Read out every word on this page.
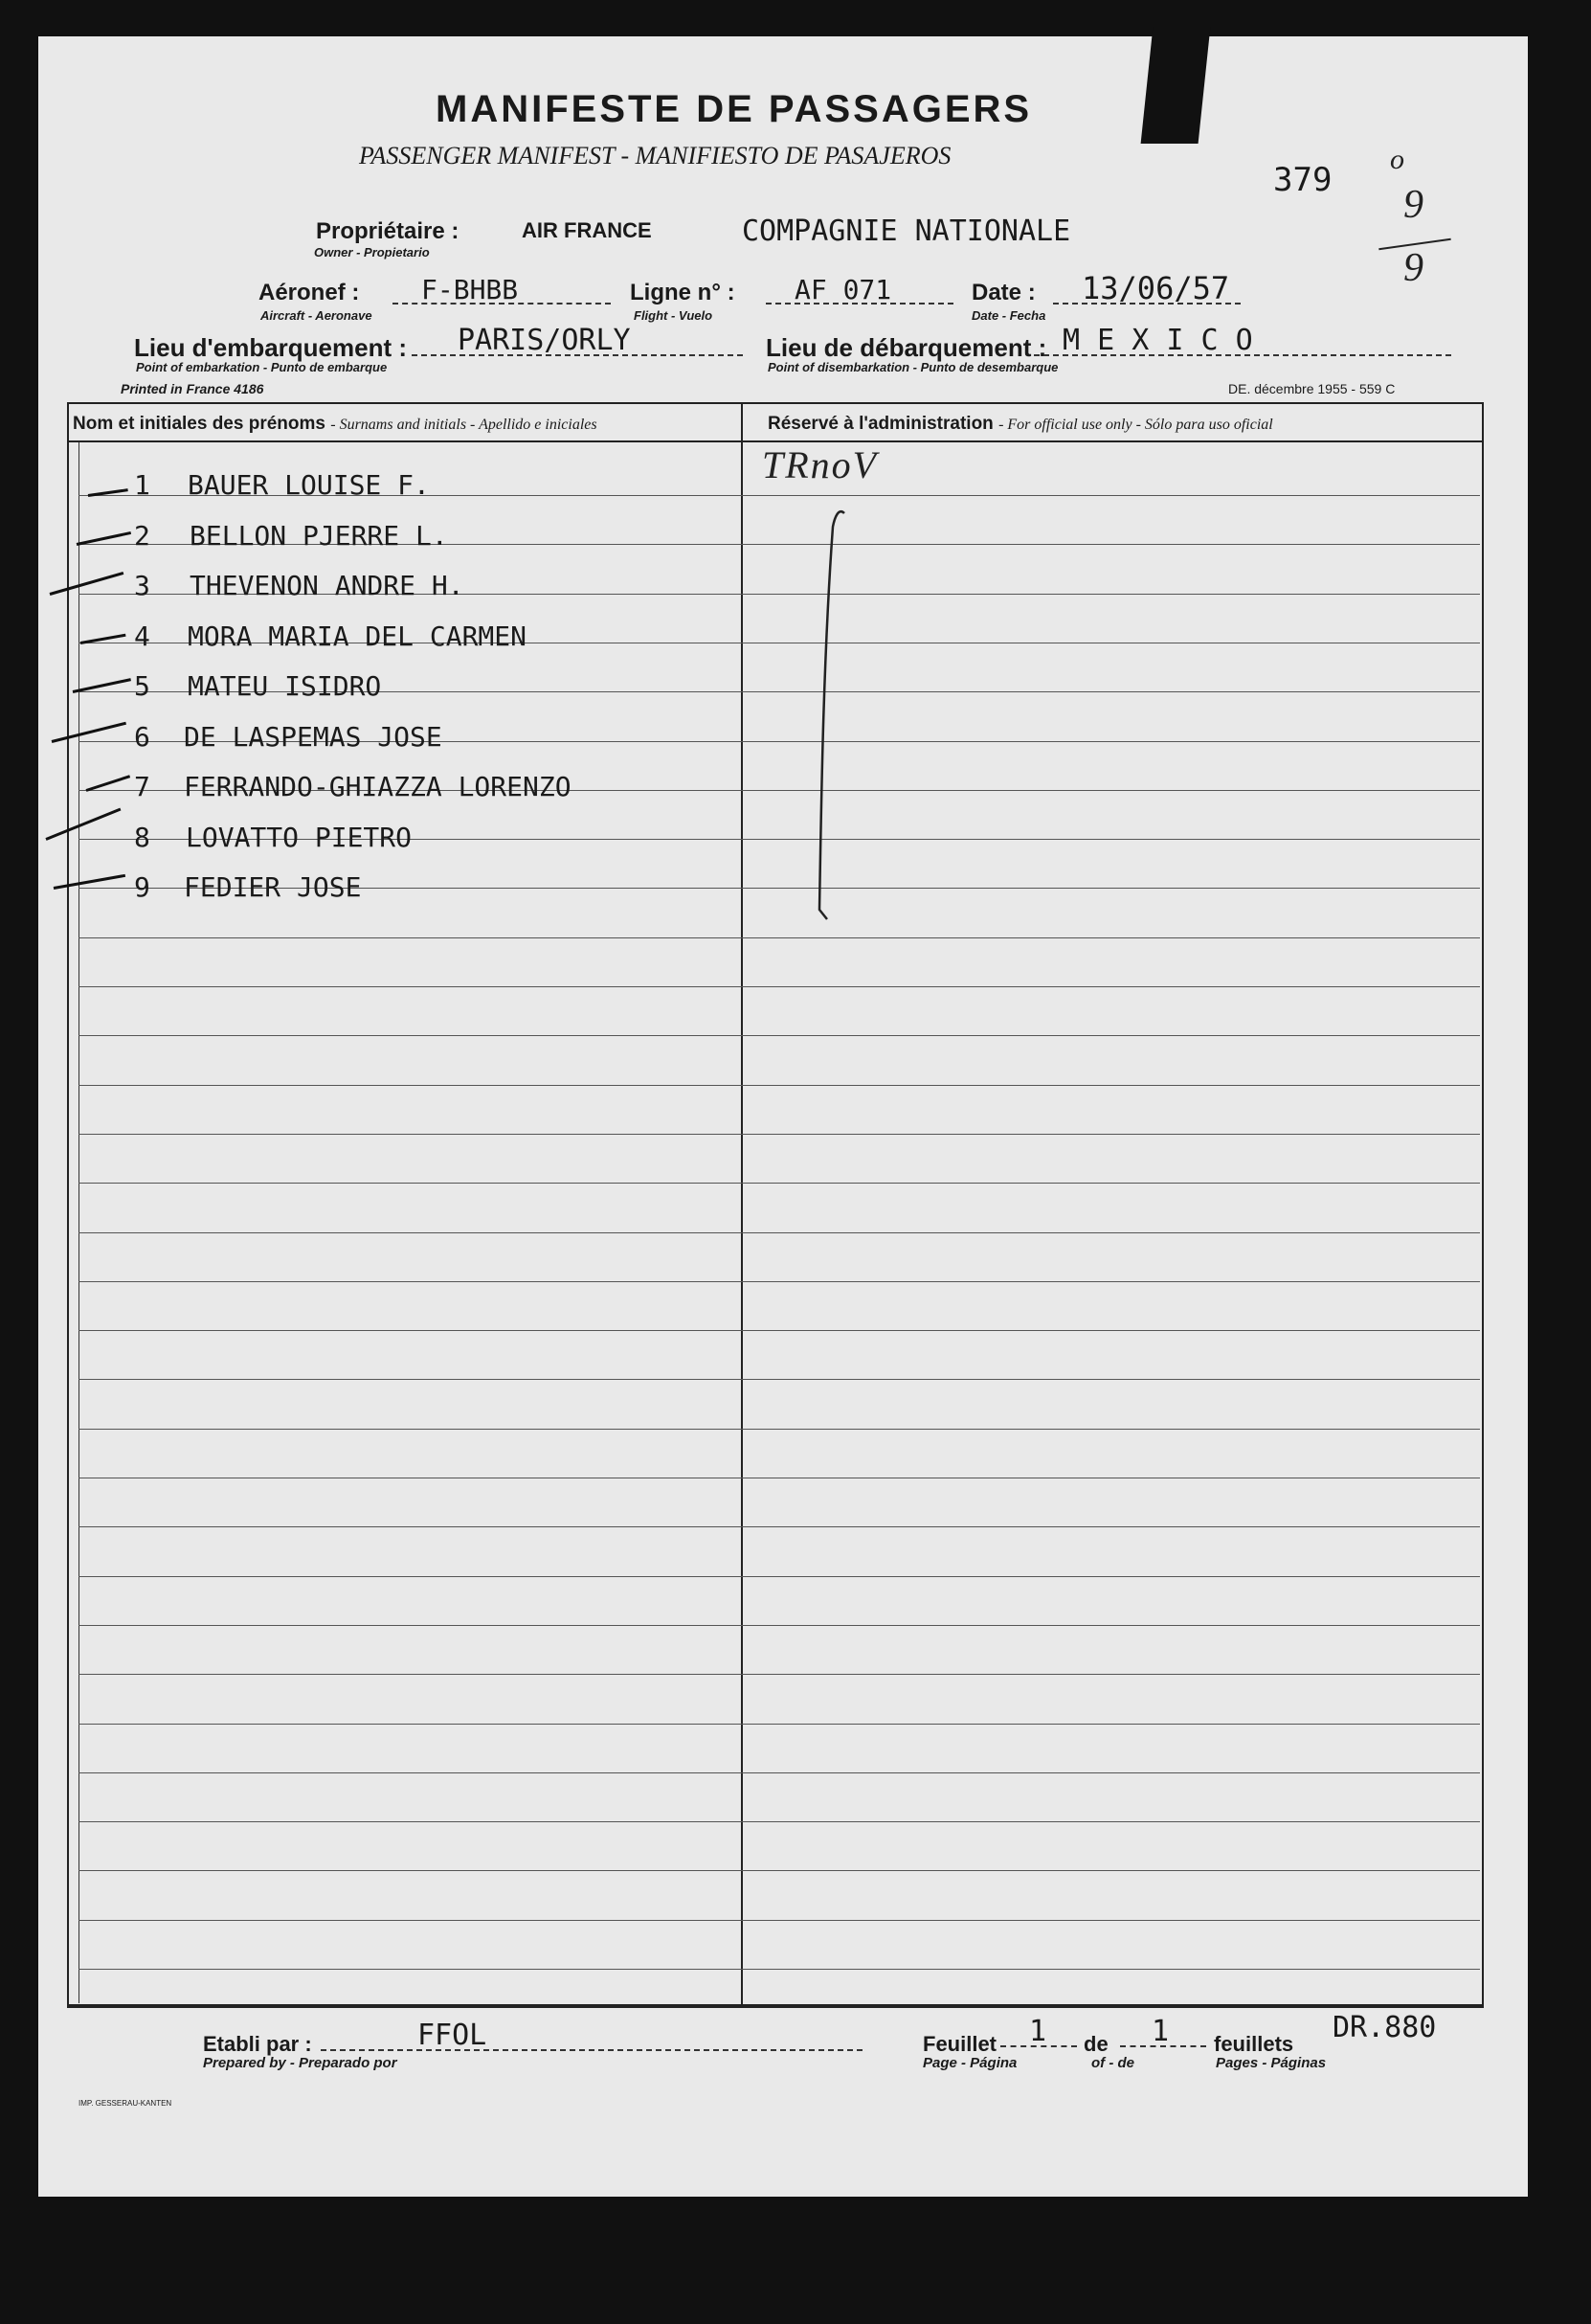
MANIFESTE DE PASSAGERS
PASSENGER MANIFEST - MANIFIESTO DE PASAJEROS
379
o
9
9
Propriétaire :	AIR FRANCE	COMPAGNIE NATIONALE
Owner - Propietario
Aéronef : F-BHBB
Aircraft - Aeronave
Ligne n° : AF 071
Flight - Vuelo
Date : 13/06/57
Date - Fecha
Lieu d'embarquement : PARIS/ORLY
Point of embarkation - Punto de embarque
Lieu de débarquement : M E X I C O
Point of disembarkation - Punto de desembarque
Printed in France 4186	DE. décembre 1955 - 559 C
Nom et initiales des prénoms - Surnams and initials - Apellido e iniciales	Réservé à l'administration - For official use only - Sólo para uso oficial
1 BAUER LOUISE F.
2 BELLON PJERRE L.
3 THEVENON ANDRE H.
4 MORA MARIA DEL CARMEN
5 MATEU ISIDRO
6 DE LASPEMAS JOSE
7 FERRANDO-GHIAZZA LORENZO
8 LOVATTO PIETRO
9 FEDIER JOSE
TRnoV
Etabli par :	FFOL
Prepared by - Preparado por
Feuillet 1
Page - Página
de 1
of - de
feuillets
Pages - Páginas
DR.880
IMP. GESSERAU-KANTEN
